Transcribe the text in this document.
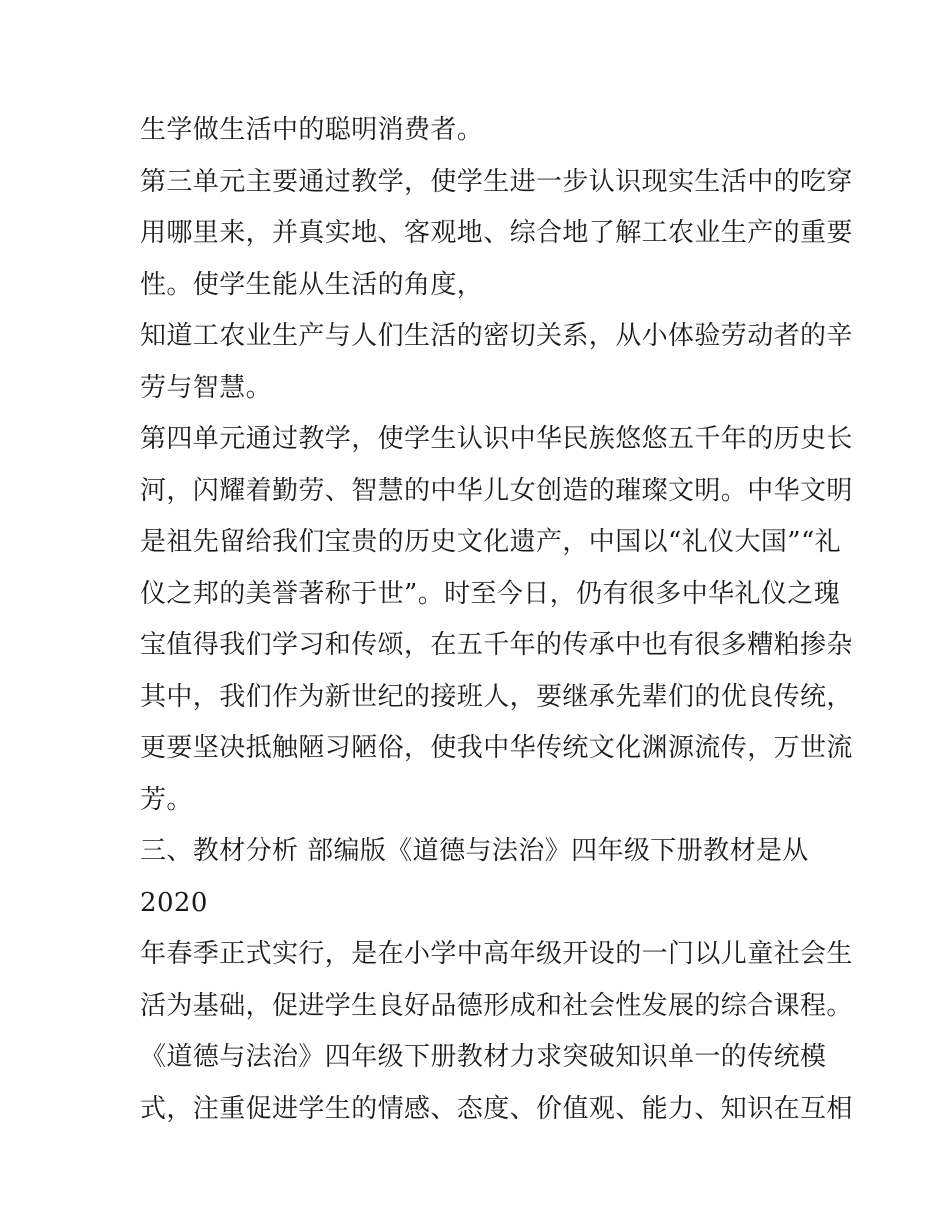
生学做生活中的聪明消费者。
第三单元主要通过教学，使学生进一步认识现实生活中的吃穿
用哪里来，并真实地、客观地、综合地了解工农业生产的重要
性。使学生能从生活的角度，
知道工农业生产与人们生活的密切关系，从小体验劳动者的辛
劳与智慧。
第四单元通过教学，使学生认识中华民族悠悠五千年的历史长
河，闪耀着勤劳、智慧的中华儿女创造的璀璨文明。中华文明
是祖先留给我们宝贵的历史文化遗产，中国以“礼仪大国”“礼
仪之邦的美誉著称于世”。时至今日，仍有很多中华礼仪之瑰
宝值得我们学习和传颂，在五千年的传承中也有很多糟粕掺杂
其中，我们作为新世纪的接班人，要继承先辈们的优良传统，
更要坚决抵触陋习陋俗，使我中华传统文化渊源流传，万世流
芳。
三、教材分析 部编版《道德与法治》四年级下册教材是从
2020
年春季正式实行，是在小学中高年级开设的一门以儿童社会生
活为基础，促进学生良好品德形成和社会性发展的综合课程。
《道德与法治》四年级下册教材力求突破知识单一的传统模
式，注重促进学生的情感、态度、价值观、能力、知识在互相
